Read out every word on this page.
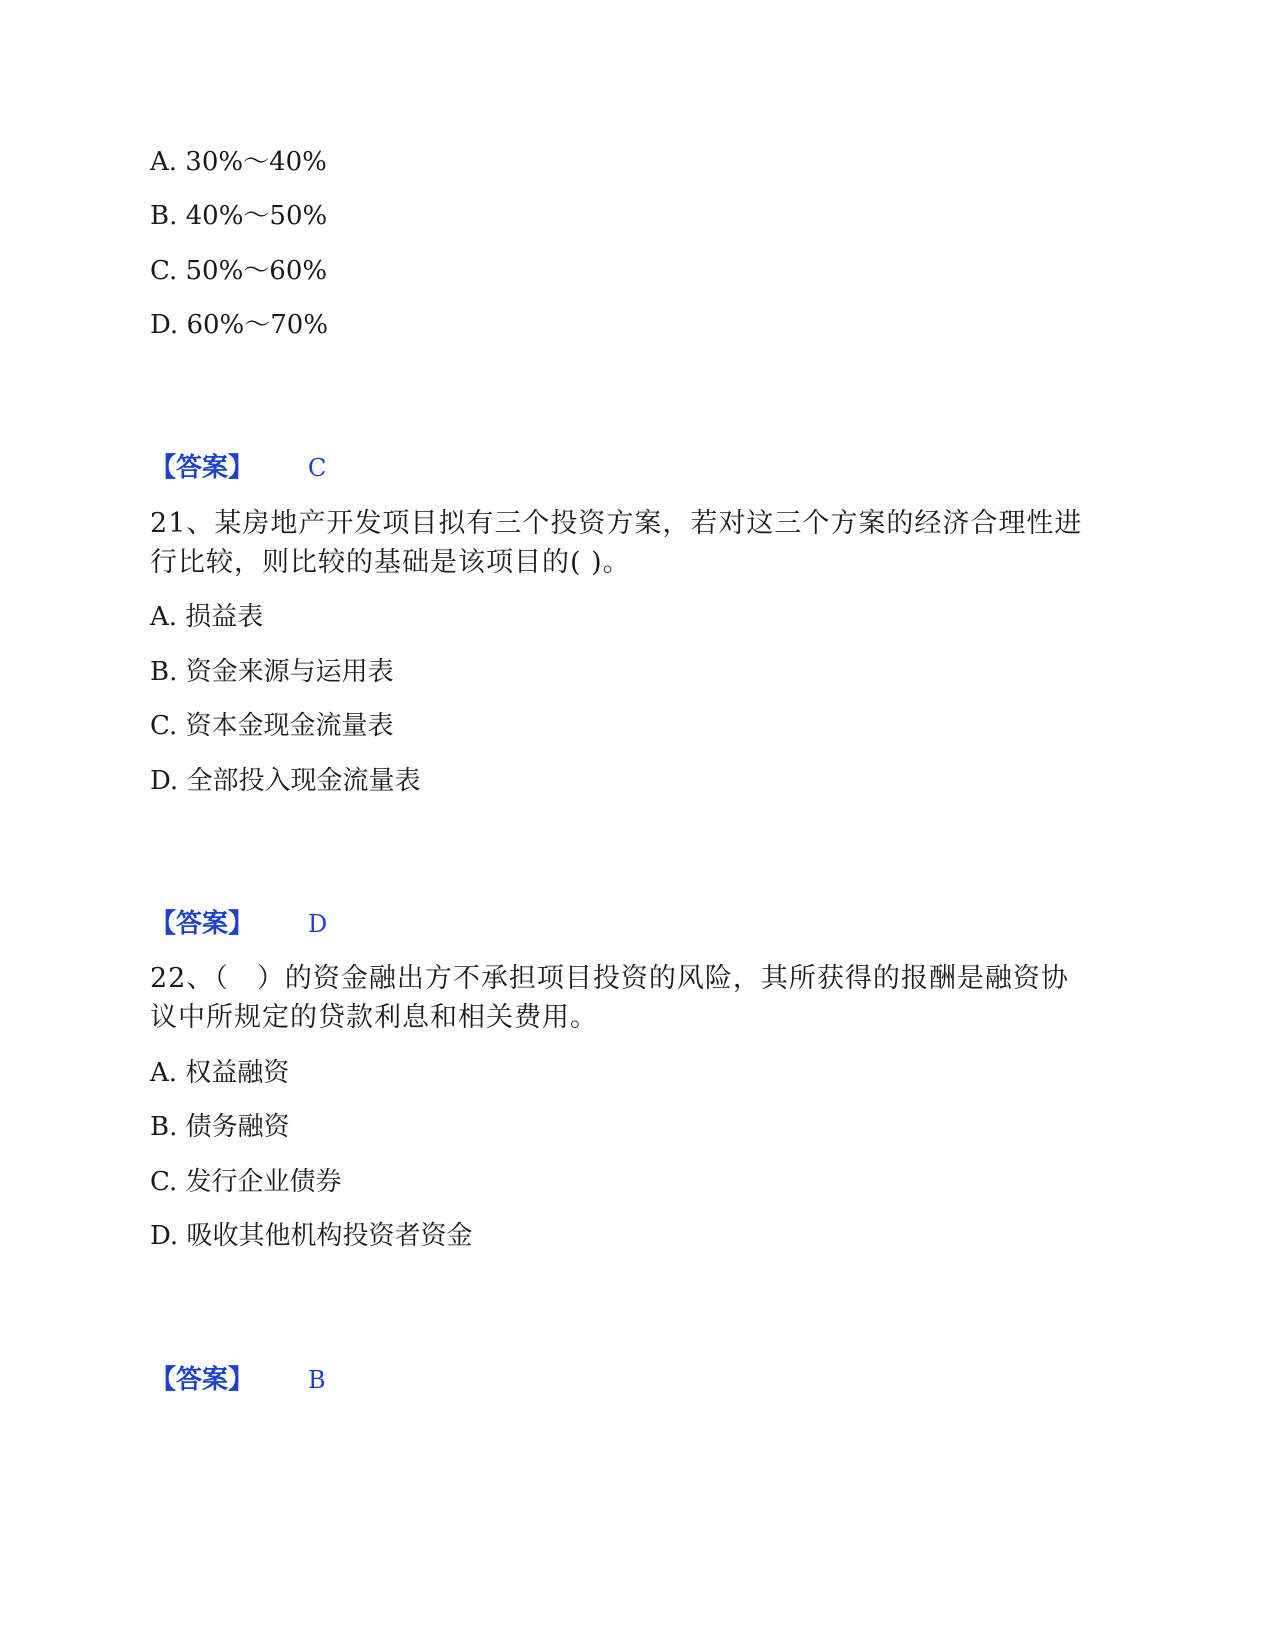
A. 30%～40%
B. 40%～50%
C. 50%～60%
D. 60%～70%
【答案】 C
21、某房地产开发项目拟有三个投资方案，若对这三个方案的经济合理性进
行比较，则比较的基础是该项目的( )。
A. 损益表
B. 资金来源与运用表
C. 资本金现金流量表
D. 全部投入现金流量表
【答案】 D
22、（　）的资金融出方不承担项目投资的风险，其所获得的报酬是融资协
议中所规定的贷款利息和相关费用。
A. 权益融资
B. 债务融资
C. 发行企业债券
D. 吸收其他机构投资者资金
【答案】 B
